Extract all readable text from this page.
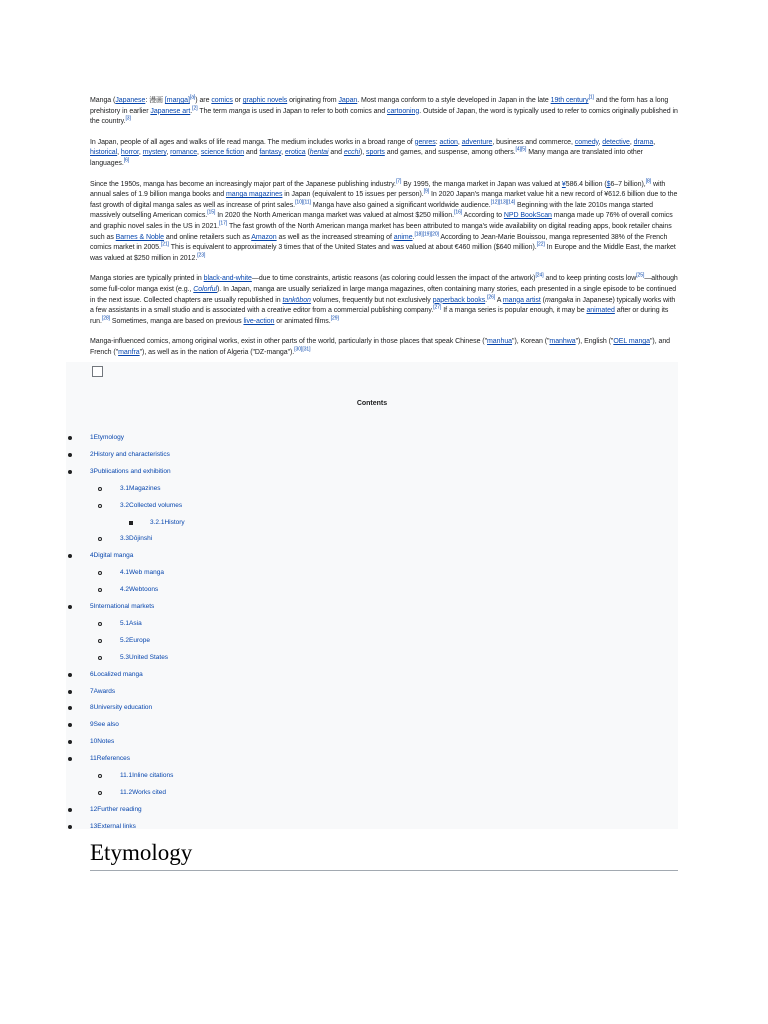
Manga (Japanese: 漫画 [maŋɡa][a]) are comics or graphic novels originating from Japan. Most manga conform to a style developed in Japan in the late 19th century[1] and the form has a long prehistory in earlier Japanese art.[2] The term manga is used in Japan to refer to both comics and cartooning. Outside of Japan, the word is typically used to refer to comics originally published in the country.[3]

In Japan, people of all ages and walks of life read manga. The medium includes works in a broad range of genres: action, adventure, business and commerce, comedy, detective, drama, historical, horror, mystery, romance, science fiction and fantasy, erotica (hentai and ecchi), sports and games, and suspense, among others.[4][5] Many manga are translated into other languages.[6]

Since the 1950s, manga has become an increasingly major part of the Japanese publishing industry.[7] By 1995, the manga market in Japan was valued at ¥586.4 billion ($6–7 billion),[8] with annual sales of 1.9 billion manga books and manga magazines in Japan (equivalent to 15 issues per person).[9] In 2020 Japan's manga market value hit a new record of ¥612.6 billion due to the fast growth of digital manga sales as well as increase of print sales.[10][11] Manga have also gained a significant worldwide audience.[12][13][14] Beginning with the late 2010s manga started massively outselling American comics.[15] In 2020 the North American manga market was valued at almost $250 million.[16] According to NPD BookScan manga made up 76% of overall comics and graphic novel sales in the US in 2021.[17] The fast growth of the North American manga market has been attributed to manga's wide availability on digital reading apps, book retailer chains such as Barnes & Noble and online retailers such as Amazon as well as the increased streaming of anime.[18][19][20] According to Jean-Marie Bouissou, manga represented 38% of the French comics market in 2005.[21] This is equivalent to approximately 3 times that of the United States and was valued at about €460 million ($640 million).[22] In Europe and the Middle East, the market was valued at $250 million in 2012.[23]

Manga stories are typically printed in black-and-white—due to time constraints, artistic reasons (as coloring could lessen the impact of the artwork)[24] and to keep printing costs low[25]—although some full-color manga exist (e.g., Colorful). In Japan, manga are usually serialized in large manga magazines, often containing many stories, each presented in a single episode to be continued in the next issue. Collected chapters are usually republished in tankōbon volumes, frequently but not exclusively paperback books.[26] A manga artist (mangaka in Japanese) typically works with a few assistants in a small studio and is associated with a creative editor from a commercial publishing company.[27] If a manga series is popular enough, it may be animated after or during its run.[28] Sometimes, manga are based on previous live-action or animated films.[29]

Manga-influenced comics, among original works, exist in other parts of the world, particularly in those places that speak Chinese ("manhua"), Korean ("manhwa"), English ("OEL manga"), and French ("manfra"), as well as in the nation of Algeria ("DZ-manga").[30][31]

Contents
1Etymology
2History and characteristics
3Publications and exhibition
3.1Magazines
3.2Collected volumes
3.2.1History
3.3Dōjinshi
4Digital manga
4.1Web manga
4.2Webtoons
5International markets
5.1Asia
5.2Europe
5.3United States
6Localized manga
7Awards
8University education
9See also
10Notes
11References
11.1Inline citations
11.2Works cited
12Further reading
13External links
Etymology
